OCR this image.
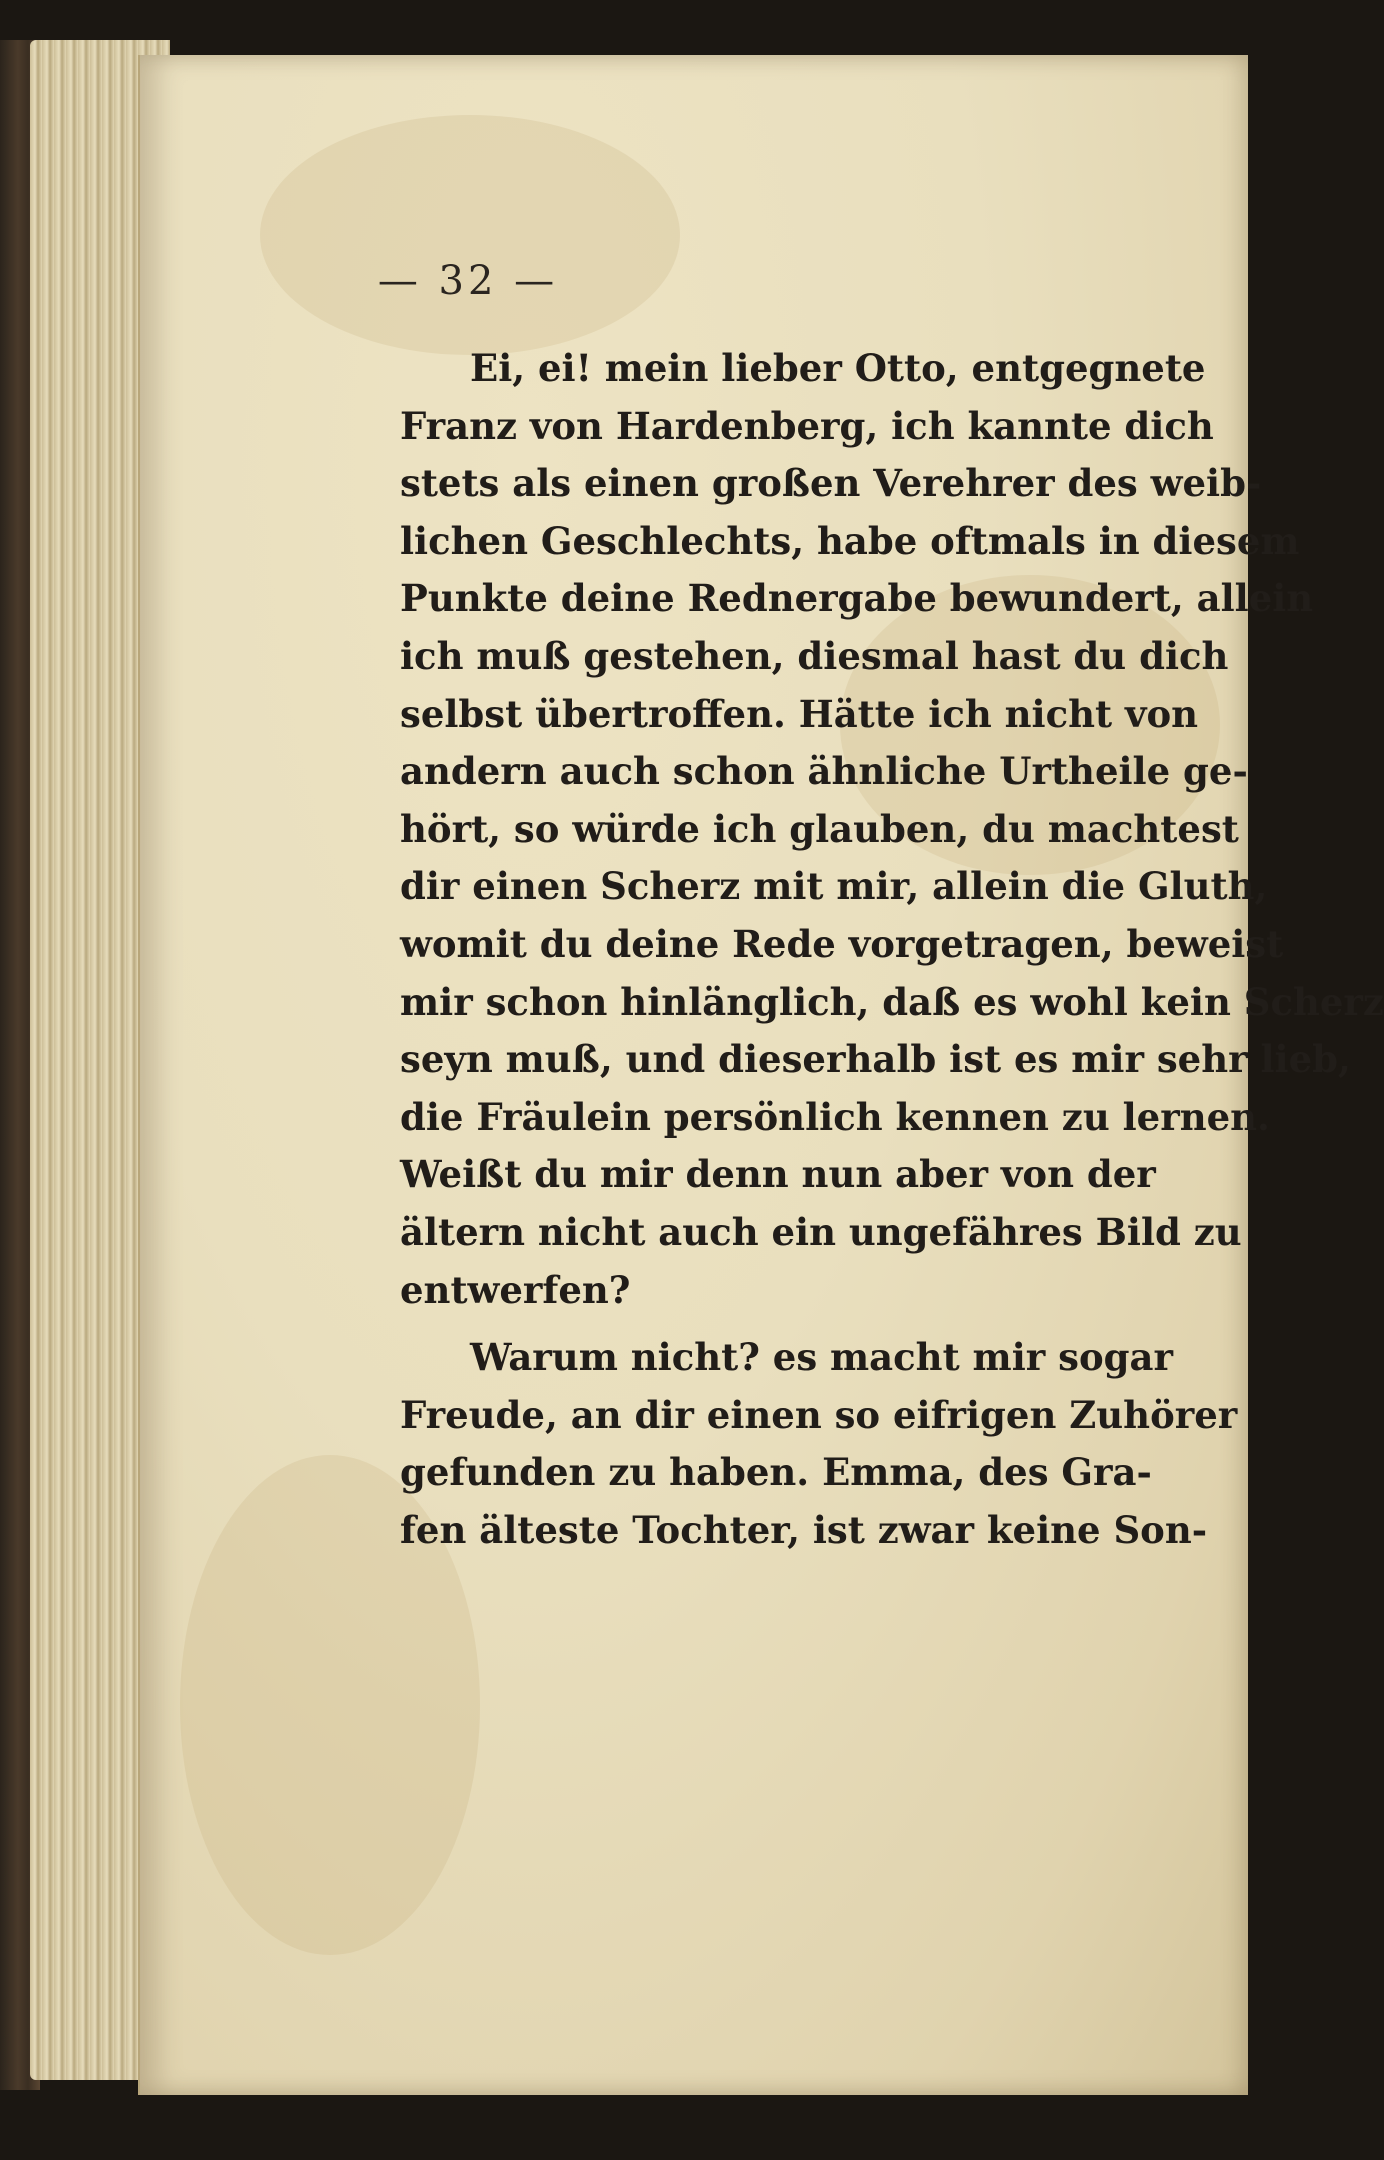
— 32 —
Ei, ei! mein lieber Otto, entgegnete
Franz von Hardenberg, ich kannte dich
stets als einen großen Verehrer des weib-
lichen Geschlechts, habe oftmals in diesem
Punkte deine Rednergabe bewundert, allein
ich muß gestehen, diesmal hast du dich
selbst übertroffen. Hätte ich nicht von
andern auch schon ähnliche Urtheile ge-
hört, so würde ich glauben, du machtest
dir einen Scherz mit mir, allein die Gluth,
womit du deine Rede vorgetragen, beweist
mir schon hinlänglich, daß es wohl kein Scherz
seyn muß, und dieserhalb ist es mir sehr lieb,
die Fräulein persönlich kennen zu lernen.
Weißt du mir denn nun aber von der
ältern nicht auch ein ungefähres Bild zu
entwerfen?
Warum nicht? es macht mir sogar
Freude, an dir einen so eifrigen Zuhörer
gefunden zu haben. Emma, des Gra-
fen älteste Tochter, ist zwar keine Son-
